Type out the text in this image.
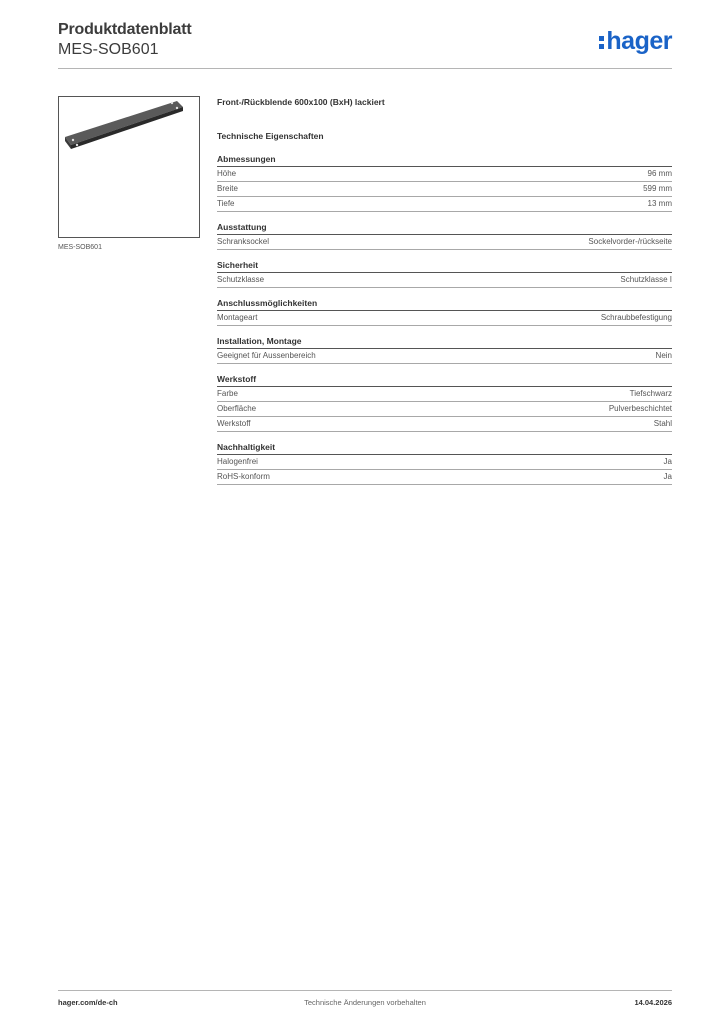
Produktdatenblatt
MES-SOB601	hager
MES-SOB601
Front-/Rückblende 600x100 (BxH) lackiert
Technische Eigenschaften
Abmessungen
Höhe	96 mm
Breite	599 mm
Tiefe	13 mm
Ausstattung
Schranksockel	Sockelvorder-/rückseite
Sicherheit
Schutzklasse	Schutzklasse I
Anschlussmöglichkeiten
Montageart	Schraubbefestigung
Installation, Montage
Geeignet für Aussenbereich	Nein
Werkstoff
Farbe	Tiefschwarz
Oberfläche	Pulverbeschichtet
Werkstoff	Stahl
Nachhaltigkeit
Halogenfrei	Ja
RoHS-konform	Ja
hager.com/de-ch	Technische Änderungen vorbehalten	14.04.2026
